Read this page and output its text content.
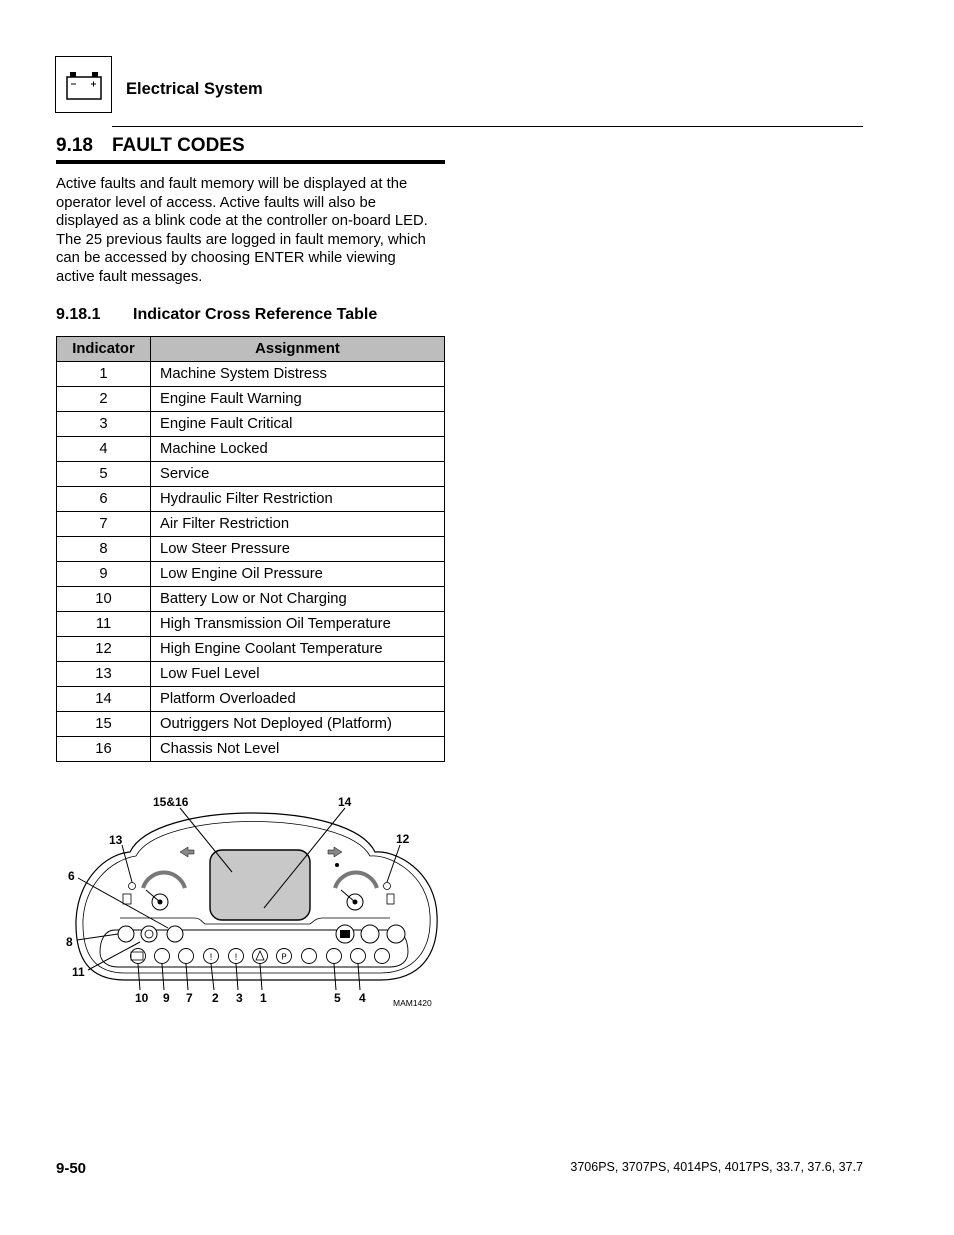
Electrical System
9.18 FAULT CODES
Active faults and fault memory will be displayed at the
operator level of access. Active faults will also be
displayed as a blink code at the controller on-board LED.
The 25 previous faults are logged in fault memory, which
can be accessed by choosing ENTER while viewing
active fault messages.
9.18.1 Indicator Cross Reference Table
Indicator	Assignment
1	Machine System Distress
2	Engine Fault Warning
3	Engine Fault Critical
4	Machine Locked
5	Service
6	Hydraulic Filter Restriction
7	Air Filter Restriction
8	Low Steer Pressure
9	Low Engine Oil Pressure
10	Battery Low or Not Charging
11	High Transmission Oil Temperature
12	High Engine Coolant Temperature
13	Low Fuel Level
14	Platform Overloaded
15	Outriggers Not Deployed (Platform)
16	Chassis Not Level
! !	P
15&16	14
13	12
6
8
11
10 9 7 2 3 1	5 4	MAM1420
9-50	3706PS, 3707PS, 4014PS, 4017PS, 33.7, 37.6, 37.7
